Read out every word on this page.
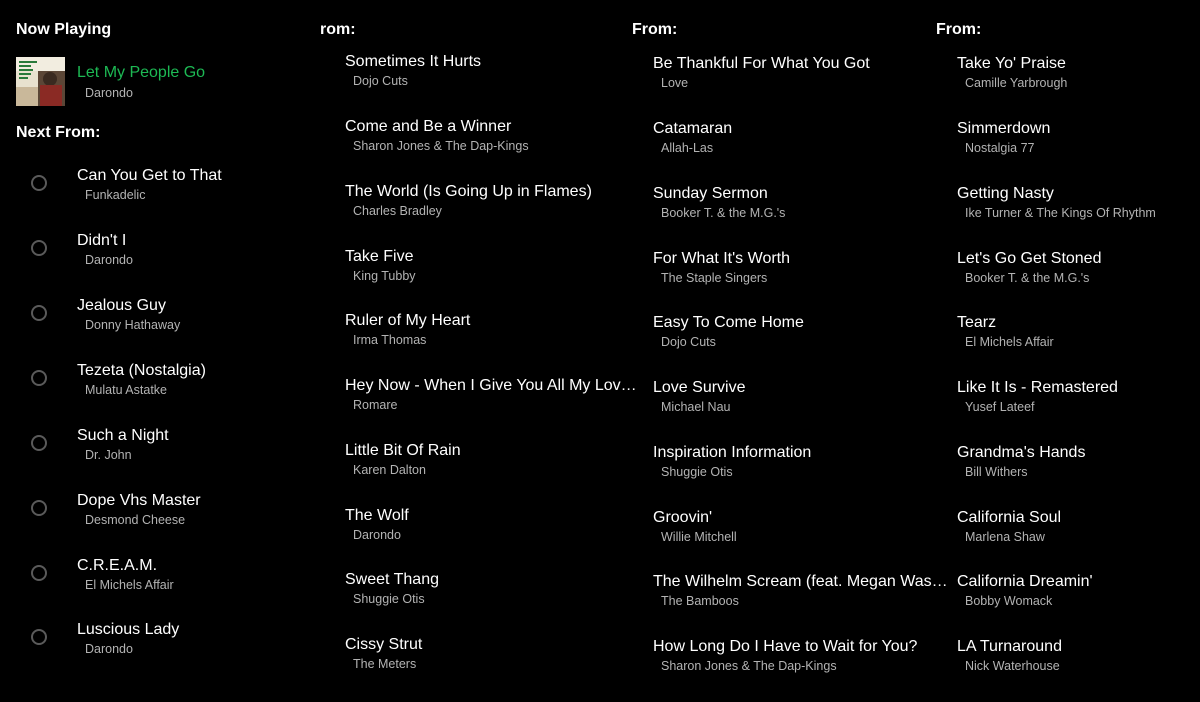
Now Playing
Let My People Go
Darondo
Next From:
Can You Get to That
Funkadelic
Didn't I
Darondo
Jealous Guy
Donny Hathaway
Tezeta (Nostalgia)
Mulatu Astatke
Such a Night
Dr. John
Dope Vhs Master
Desmond Cheese
C.R.E.A.M.
El Michels Affair
Luscious Lady
Darondo
rom:
Sometimes It Hurts
Dojo Cuts
Come and Be a Winner
Sharon Jones & The Dap-Kings
The World (Is Going Up in Flames)
Charles Bradley
Take Five
King Tubby
Ruler of My Heart
Irma Thomas
Hey Now - When I Give You All My Lov…
Romare
Little Bit Of Rain
Karen Dalton
The Wolf
Darondo
Sweet Thang
Shuggie Otis
Cissy Strut
The Meters
From:
Be Thankful For What You Got
Love
Catamaran
Allah-Las
Sunday Sermon
Booker T. & the M.G.'s
For What It's Worth
The Staple Singers
Easy To Come Home
Dojo Cuts
Love Survive
Michael Nau
Inspiration Information
Shuggie Otis
Groovin'
Willie Mitchell
The Wilhelm Scream (feat. Megan Was…
The Bamboos
How Long Do I Have to Wait for You?
Sharon Jones & The Dap-Kings
From:
Take Yo' Praise
Camille Yarbrough
Simmerdown
Nostalgia 77
Getting Nasty
Ike Turner & The Kings Of Rhythm
Let's Go Get Stoned
Booker T. & the M.G.'s
Tearz
El Michels Affair
Like It Is - Remastered
Yusef Lateef
Grandma's Hands
Bill Withers
California Soul
Marlena Shaw
California Dreamin'
Bobby Womack
LA Turnaround
Nick Waterhouse
